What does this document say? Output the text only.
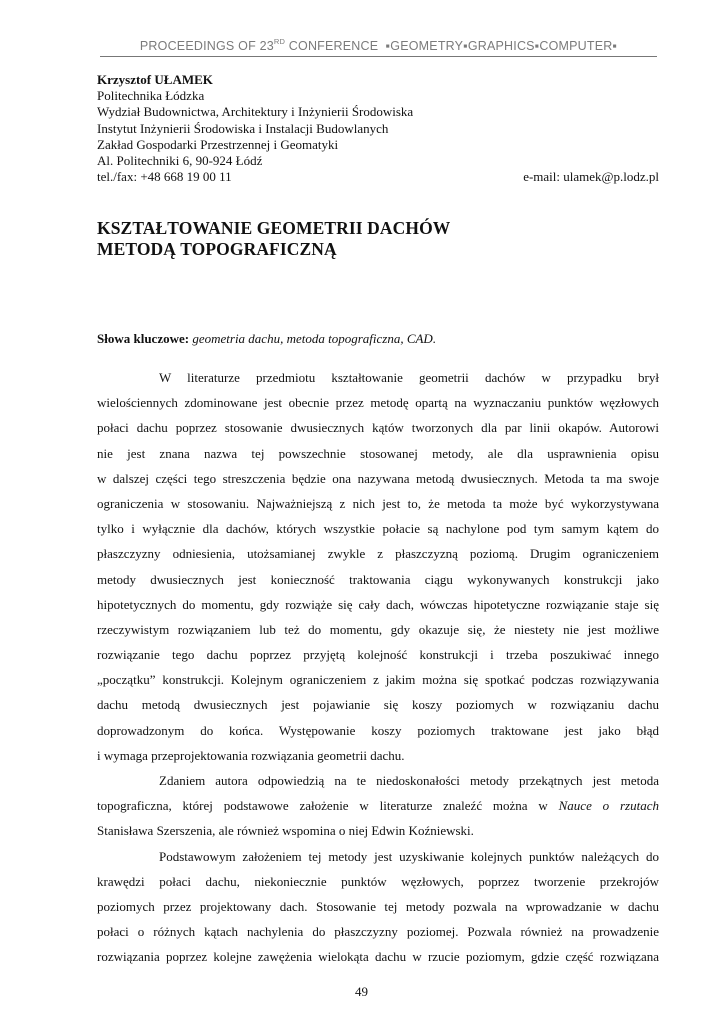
PROCEEDINGS OF 23RD CONFERENCE  ▪GEOMETRY▪GRAPHICS▪COMPUTER▪
Krzysztof UŁAMEK
Politechnika Łódzka
Wydział Budownictwa, Architektury i Inżynierii Środowiska
Instytut Inżynierii Środowiska i Instalacji Budowlanych
Zakład Gospodarki Przestrzennej i Geomatyki
Al. Politechniki 6, 90-924 Łódź
tel./fax: +48 668 19 00 11	e-mail: ulamek@p.lodz.pl
KSZTAŁTOWANIE GEOMETRII DACHÓW
METODĄ TOPOGRAFICZNĄ

Słowa kluczowe: geometria dachu, metoda topograficzna, CAD.

W literaturze przedmiotu kształtowanie geometrii dachów w przypadku brył
wielościennych zdominowane jest obecnie przez metodę opartą na wyznaczaniu punktów węzłowych
połaci dachu poprzez stosowanie dwusiecznych kątów tworzonych dla par linii okapów. Autorowi
nie jest znana nazwa tej powszechnie stosowanej metody, ale dla usprawnienia opisu
w dalszej części tego streszczenia będzie ona nazywana metodą dwusiecznych. Metoda ta ma swoje
ograniczenia w stosowaniu. Najważniejszą z nich jest to, że metoda ta może być wykorzystywana
tylko i wyłącznie dla dachów, których wszystkie połacie są nachylone pod tym samym kątem do
płaszczyzny odniesienia, utożsamianej zwykle z płaszczyzną poziomą. Drugim ograniczeniem
metody dwusiecznych jest konieczność traktowania ciągu wykonywanych konstrukcji jako
hipotetycznych do momentu, gdy rozwiąże się cały dach, wówczas hipotetyczne rozwiązanie staje się
rzeczywistym rozwiązaniem lub też do momentu, gdy okazuje się, że niestety nie jest możliwe
rozwiązanie tego dachu poprzez przyjętą kolejność konstrukcji i trzeba poszukiwać innego
„początku” konstrukcji. Kolejnym ograniczeniem z jakim można się spotkać podczas rozwiązywania
dachu metodą dwusiecznych jest pojawianie się koszy poziomych w rozwiązaniu dachu
doprowadzonym do końca. Występowanie koszy poziomych traktowane jest jako błąd
i wymaga przeprojektowania rozwiązania geometrii dachu.
Zdaniem autora odpowiedzią na te niedoskonałości metody przekątnych jest metoda
topograficzna, której podstawowe założenie w literaturze znaleźć można w Nauce o rzutach
Stanisława Szerszenia, ale również wspomina o niej Edwin Koźniewski.
Podstawowym założeniem tej metody jest uzyskiwanie kolejnych punktów należących do
krawędzi połaci dachu, niekoniecznie punktów węzłowych, poprzez tworzenie przekrojów
poziomych przez projektowany dach. Stosowanie tej metody pozwala na wprowadzanie w dachu
połaci o różnych kątach nachylenia do płaszczyzny poziomej. Pozwala również na prowadzenie
rozwiązania poprzez kolejne zawężenia wielokąta dachu w rzucie poziomym, gdzie część rozwiązana
49
